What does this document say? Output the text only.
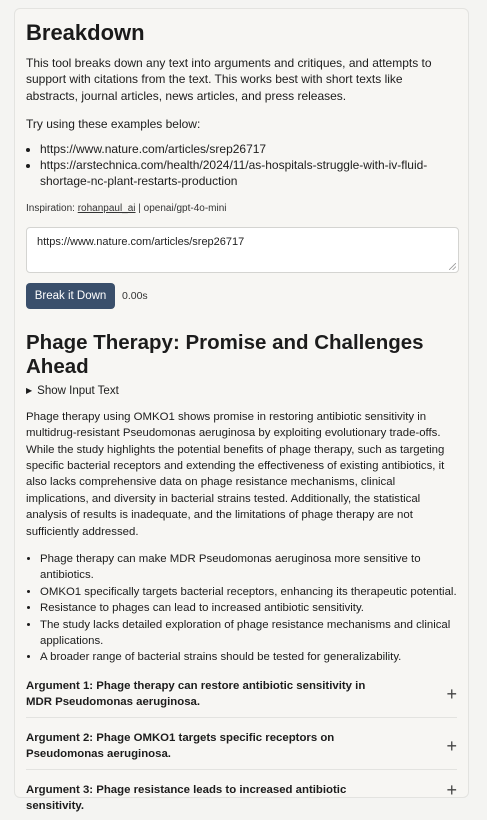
Breakdown

This tool breaks down any text into arguments and critiques, and attempts to support with citations from the text. This works best with short texts like abstracts, journal articles, news articles, and press releases.

Try using these examples below:

• https://www.nature.com/articles/srep26717
• https://arstechnica.com/health/2024/11/as-hospitals-struggle-with-iv-fluid-shortage-nc-plant-restarts-production
Inspiration: rohanpaul_ai | openai/gpt-4o-mini
https://www.nature.com/articles/srep26717
Break it Down	0.00s
Phage Therapy: Promise and Challenges Ahead
▶ Show Input Text

Phage therapy using OMKO1 shows promise in restoring antibiotic sensitivity in multidrug-resistant Pseudomonas aeruginosa by exploiting evolutionary trade-offs. While the study highlights the potential benefits of phage therapy, such as targeting specific bacterial receptors and extending the effectiveness of existing antibiotics, it also lacks comprehensive data on phage resistance mechanisms, clinical implications, and diversity in bacterial strains tested. Additionally, the statistical analysis of results is inadequate, and the limitations of phage therapy are not sufficiently addressed.

• Phage therapy can make MDR Pseudomonas aeruginosa more sensitive to antibiotics.
• OMKO1 specifically targets bacterial receptors, enhancing its therapeutic potential.
• Resistance to phages can lead to increased antibiotic sensitivity.
• The study lacks detailed exploration of phage resistance mechanisms and clinical applications.
• A broader range of bacterial strains should be tested for generalizability.
Argument 1: Phage therapy can restore antibiotic sensitivity in MDR Pseudomonas aeruginosa.	+
Argument 2: Phage OMKO1 targets specific receptors on Pseudomonas aeruginosa.	+
Argument 3: Phage resistance leads to increased antibiotic sensitivity.
+
